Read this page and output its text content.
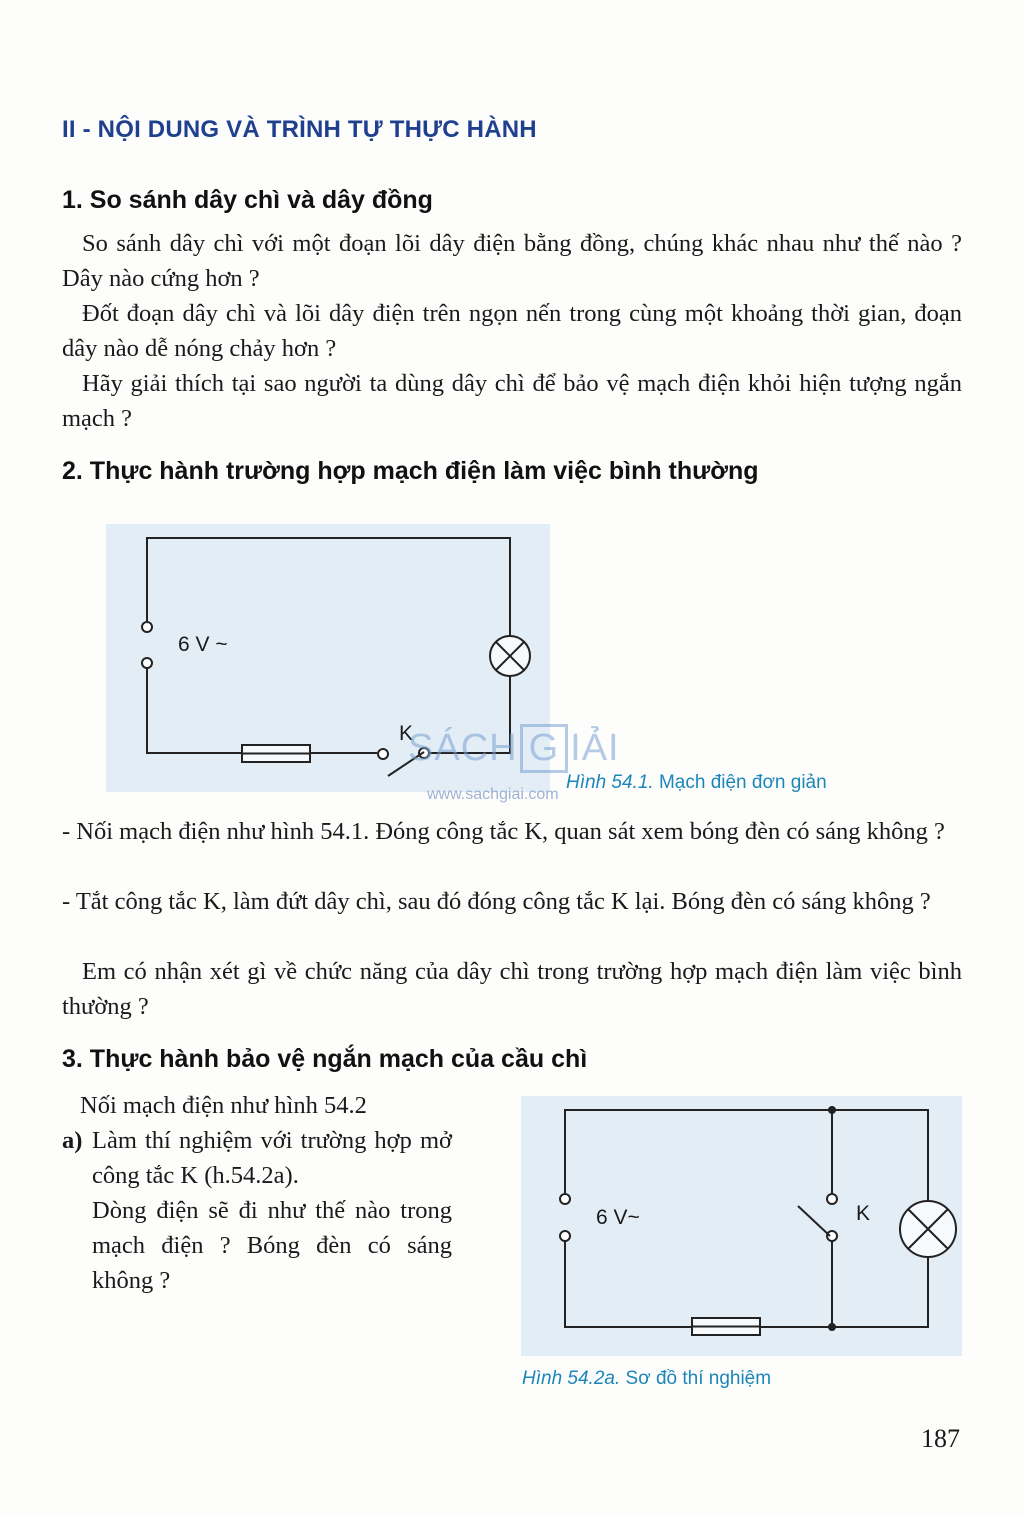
II - NỘI DUNG VÀ TRÌNH TỰ THỰC HÀNH
1. So sánh dây chì và dây đồng
So sánh dây chì với một đoạn lõi dây điện bằng đồng, chúng khác nhau như thế nào ? Dây nào cứng hơn ?
Đốt đoạn dây chì và lõi dây điện trên ngọn nến trong cùng một khoảng thời gian, đoạn dây nào dễ nóng chảy hơn ?
Hãy giải thích tại sao người ta dùng dây chì để bảo vệ mạch điện khỏi hiện tượng ngắn mạch ?
2. Thực hành trường hợp mạch điện làm việc bình thường
6 V ~
K
SÁCH G IẢI
www.sachgiai.com
Hình 54.1. Mạch điện đơn giản
- Nối mạch điện như hình 54.1. Đóng công tắc K, quan sát xem bóng đèn có sáng không ?
- Tắt công tắc K, làm đứt dây chì, sau đó đóng công tắc K lại. Bóng đèn có sáng không ?
Em có nhận xét gì về chức năng của dây chì trong trường hợp mạch điện làm việc bình thường ?
3. Thực hành bảo vệ ngắn mạch của cầu chì
Nối mạch điện như hình 54.2
a) Làm thí nghiệm với trường hợp mở công tắc K (h.54.2a).
Dòng điện sẽ đi như thế nào trong mạch điện ? Bóng đèn có sáng không ?
6 V~	K
Hình 54.2a. Sơ đồ thí nghiệm
187
